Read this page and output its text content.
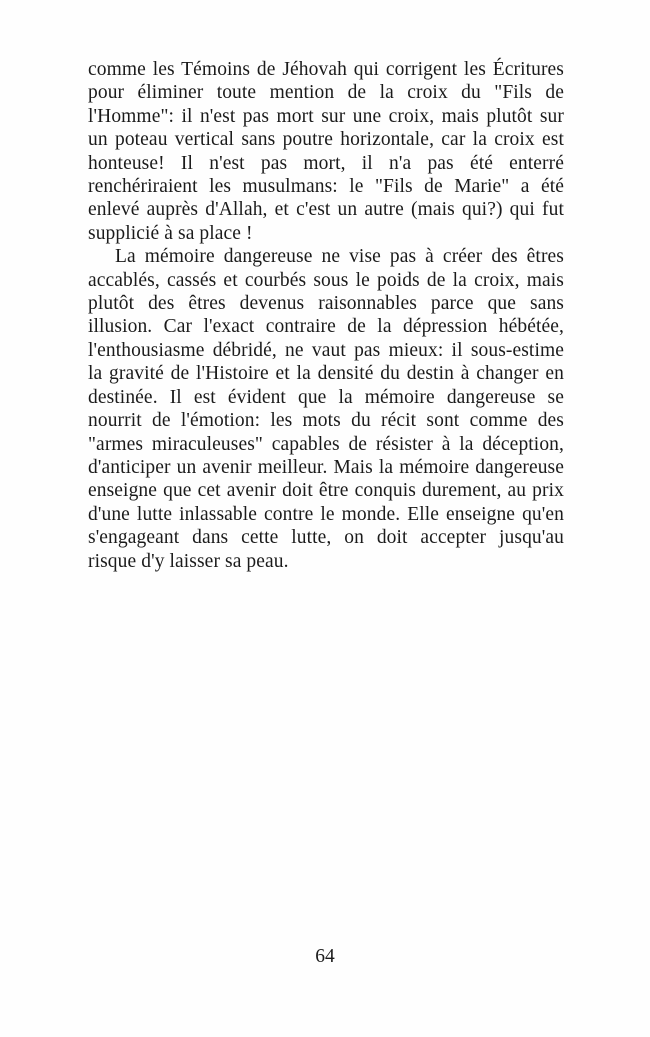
comme les Témoins de Jéhovah qui corrigent les Écritures
pour éliminer toute mention de la croix du "Fils de
l'Homme": il n'est pas mort sur une croix, mais plutôt sur
un poteau vertical sans poutre horizontale, car la croix est
honteuse! Il n'est pas mort, il n'a pas été enterré
renchériraient les musulmans: le "Fils de Marie" a été
enlevé auprès d'Allah, et c'est un autre (mais qui?) qui fut
supplicié à sa place !
La mémoire dangereuse ne vise pas à créer des êtres
accablés, cassés et courbés sous le poids de la croix, mais
plutôt des êtres devenus raisonnables parce que sans
illusion. Car l'exact contraire de la dépression hébétée,
l'enthousiasme débridé, ne vaut pas mieux: il sous-estime
la gravité de l'Histoire et la densité du destin à changer en
destinée. Il est évident que la mémoire dangereuse se
nourrit de l'émotion: les mots du récit sont comme des
"armes miraculeuses" capables de résister à la déception,
d'anticiper un avenir meilleur. Mais la mémoire dangereuse
enseigne que cet avenir doit être conquis durement, au prix
d'une lutte inlassable contre le monde. Elle enseigne qu'en
s'engageant dans cette lutte, on doit accepter jusqu'au
risque d'y laisser sa peau.
64
